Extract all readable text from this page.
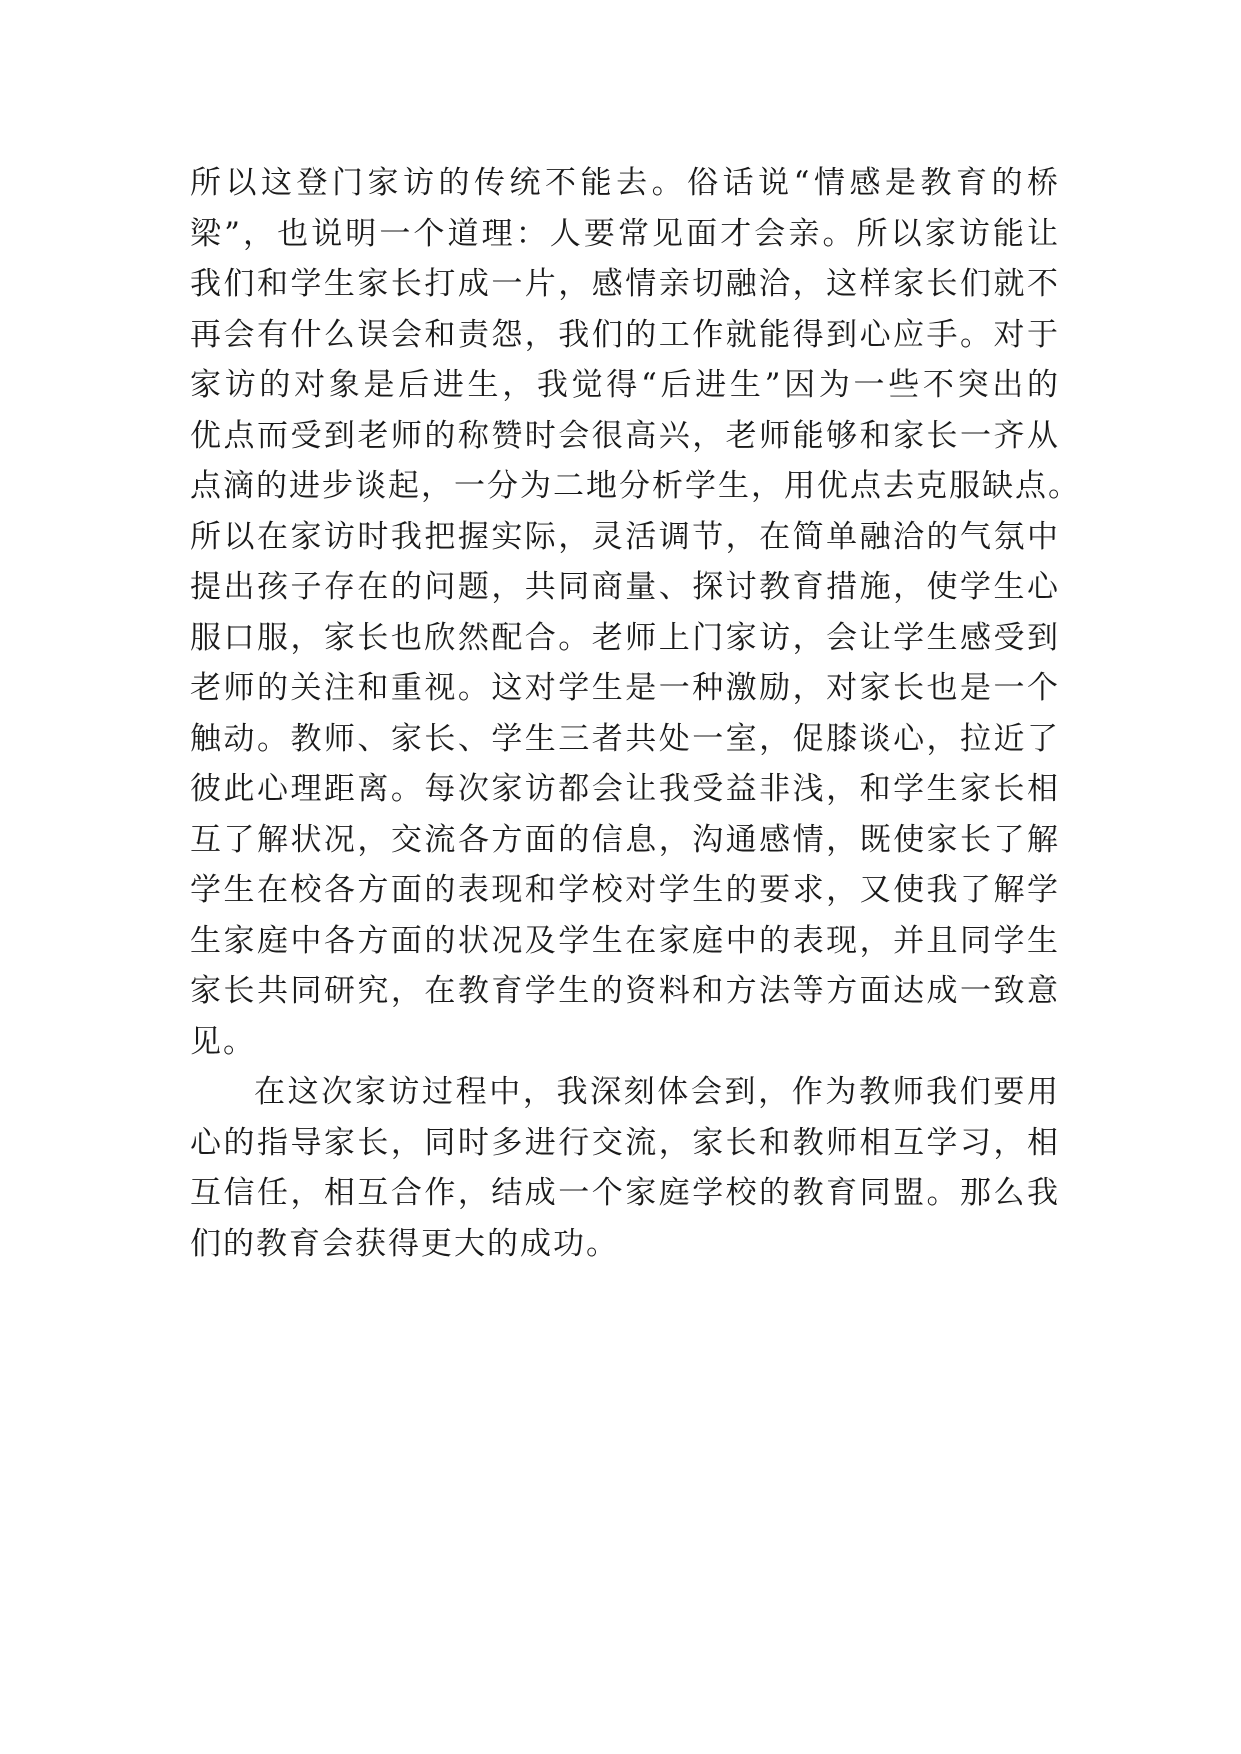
所以这登门家访的传统不能去。俗话说“情感是教育的桥
梁”，也说明一个道理：人要常见面才会亲。所以家访能让
我们和学生家长打成一片，感情亲切融洽，这样家长们就不
再会有什么误会和责怨，我们的工作就能得到心应手。对于
家访的对象是后进生，我觉得“后进生”因为一些不突出的
优点而受到老师的称赞时会很高兴，老师能够和家长一齐从
点滴的进步谈起，一分为二地分析学生，用优点去克服缺点。
所以在家访时我把握实际，灵活调节，在简单融洽的气氛中
提出孩子存在的问题，共同商量、探讨教育措施，使学生心
服口服，家长也欣然配合。老师上门家访，会让学生感受到
老师的关注和重视。这对学生是一种激励，对家长也是一个
触动。教师、家长、学生三者共处一室，促膝谈心，拉近了
彼此心理距离。每次家访都会让我受益非浅，和学生家长相
互了解状况，交流各方面的信息，沟通感情，既使家长了解
学生在校各方面的表现和学校对学生的要求，又使我了解学
生家庭中各方面的状况及学生在家庭中的表现，并且同学生
家长共同研究，在教育学生的资料和方法等方面达成一致意
见。
在这次家访过程中，我深刻体会到，作为教师我们要用
心的指导家长，同时多进行交流，家长和教师相互学习，相
互信任，相互合作，结成一个家庭学校的教育同盟。那么我
们的教育会获得更大的成功。
